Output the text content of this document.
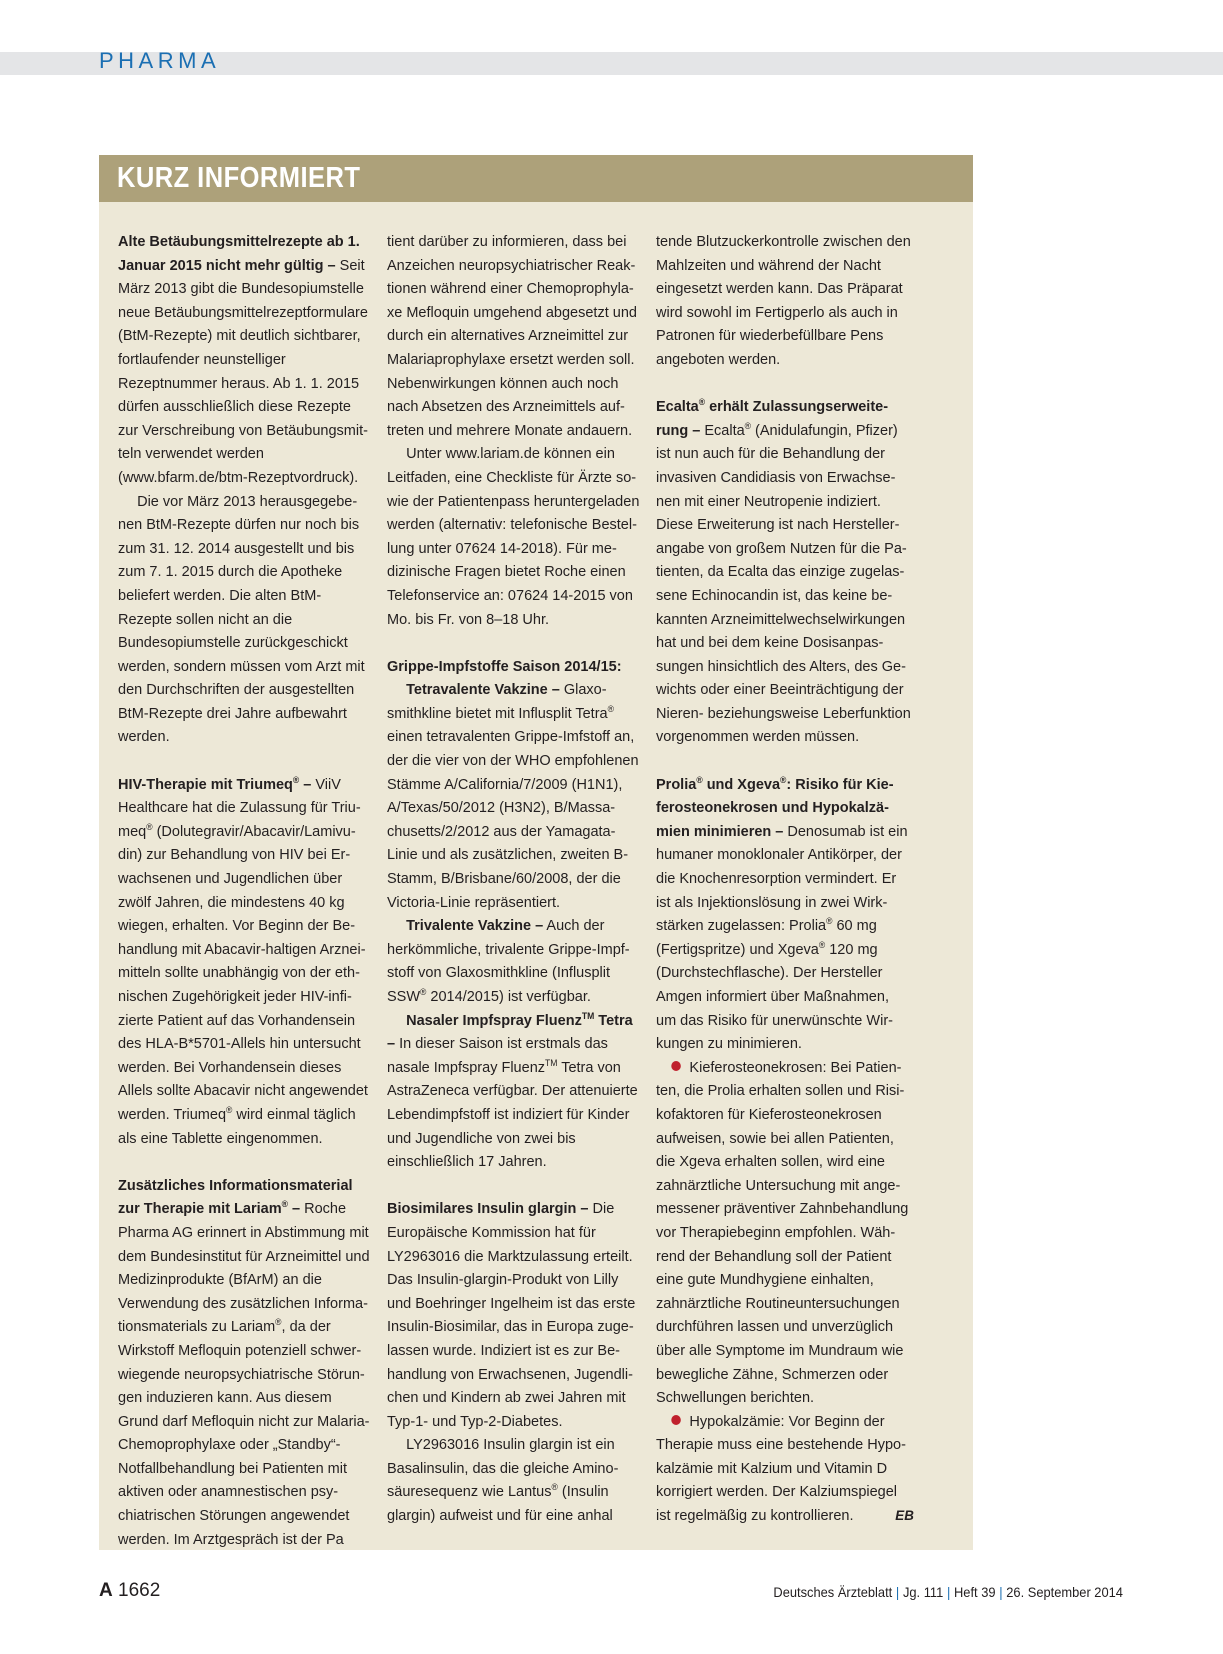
PHARMA
KURZ INFORMIERT

Alte Betäubungsmittelrezepte ab 1. Januar 2015 nicht mehr gültig – Seit März 2013 gibt die Bundesopiumstelle neue Betäubungsmittelrezeptformulare (BtM-Rezepte) mit deutlich sichtbarer, fortlaufender neunstelliger Rezeptnummer heraus. Ab 1. 1. 2015 dürfen ausschließlich diese Rezepte zur Verschreibung von Betäubungsmitteln verwendet werden (www.bfarm.de/btm-Rezeptvordruck).

Die vor März 2013 herausgegebenen BtM-Rezepte dürfen nur noch bis zum 31. 12. 2014 ausgestellt und bis zum 7. 1. 2015 durch die Apotheke beliefert werden. Die alten BtM-Rezepte sollen nicht an die Bundesopiumstelle zurückgeschickt werden, sondern müssen vom Arzt mit den Durchschriften der ausgestellten BtM-Rezepte drei Jahre aufbewahrt werden.

HIV-Therapie mit Triumeq® – ViiV Healthcare hat die Zulassung für Triumeq® (Dolutegravir/Abacavir/Lamivudin) zur Behandlung von HIV bei Erwachsenen und Jugendlichen über zwölf Jahren, die mindestens 40 kg wiegen, erhalten. Vor Beginn der Behandlung mit Abacavir-haltigen Arzneimitteln sollte unabhängig von der ethnischen Zugehörigkeit jeder HIV-infizierte Patient auf das Vorhandensein des HLA-B*5701-Allels hin untersucht werden. Bei Vorhandensein dieses Allels sollte Abacavir nicht angewendet werden. Triumeq® wird einmal täglich als eine Tablette eingenommen.

Zusätzliches Informationsmaterial zur Therapie mit Lariam® – Roche Pharma AG erinnert in Abstimmung mit dem Bundesinstitut für Arzneimittel und Medizinprodukte (BfArM) an die Verwendung des zusätzlichen Informationsmaterials zu Lariam®, da der Wirkstoff Mefloquin potenziell schwerwiegende neuropsychiatrische Störungen induzieren kann. Aus diesem Grund darf Mefloquin nicht zur Malaria-Chemoprophylaxe oder „Standby“-Notfallbehandlung bei Patienten mit aktiven oder anamnestischen psychiatrischen Störungen angewendet werden. Im Arztgespräch ist der Pa

tient darüber zu informieren, dass bei Anzeichen neuropsychiatrischer Reaktionen während einer Chemoprophylaxe Mefloquin umgehend abgesetzt und durch ein alternatives Arzneimittel zur Malariaprophylaxe ersetzt werden soll. Nebenwirkungen können auch noch nach Absetzen des Arzneimittels auftreten und mehrere Monate andauern.

Unter www.lariam.de können ein Leitfaden, eine Checkliste für Ärzte sowie der Patientenpass heruntergeladen werden (alternativ: telefonische Bestellung unter 07624 14-2018). Für medizinische Fragen bietet Roche einen Telefonservice an: 07624 14-2015 von Mo. bis Fr. von 8–18 Uhr.

Grippe-Impfstoffe Saison 2014/15:

Tetravalente Vakzine – Glaxosmithkline bietet mit Influsplit Tetra® einen tetravalenten Grippe-Imfstoff an, der die vier von der WHO empfohlenen Stämme A/California/7/2009 (H1N1), A/Texas/50/2012 (H3N2), B/Massachusetts/2/2012 aus der Yamagata-Linie und als zusätzlichen, zweiten B-Stamm, B/Brisbane/60/2008, der die Victoria-Linie repräsentiert.

Trivalente Vakzine – Auch der herkömmliche, trivalente Grippe-Impfstoff von Glaxosmithkline (Influsplit SSW® 2014/2015) ist verfügbar.

Nasaler Impfspray Fluenz™ Tetra – In dieser Saison ist erstmals das nasale Impfspray Fluenz™ Tetra von AstraZeneca verfügbar. Der attenuierte Lebendimpfstoff ist indiziert für Kinder und Jugendliche von zwei bis einschließlich 17 Jahren.

Biosimilares Insulin glargin – Die Europäische Kommission hat für LY2963016 die Marktzulassung erteilt. Das Insulin-glargin-Produkt von Lilly und Boehringer Ingelheim ist das erste Insulin-Biosimilar, das in Europa zugelassen wurde. Indiziert ist es zur Behandlung von Erwachsenen, Jugendlichen und Kindern ab zwei Jahren mit Typ-1- und Typ-2-Diabetes.

LY2963016 Insulin glargin ist ein Basalinsulin, das die gleiche Aminosäuresequenz wie Lantus® (Insulin glargin) aufweist und für eine anhal

tende Blutzuckerkontrolle zwischen den Mahlzeiten und während der Nacht eingesetzt werden kann. Das Präparat wird sowohl im Fertigperlo als auch in Patronen für wiederbefüllbare Pens angeboten werden.

Ecalta® erhält Zulassungserweiterung – Ecalta® (Anidulafungin, Pfizer) ist nun auch für die Behandlung der invasiven Candidiasis von Erwachsenen mit einer Neutropenie indiziert. Diese Erweiterung ist nach Herstellerangabe von großem Nutzen für die Patienten, da Ecalta das einzige zugelassene Echinocandin ist, das keine bekannten Arzneimittelwechselwirkungen hat und bei dem keine Dosisanpassungen hinsichtlich des Alters, des Gewichts oder einer Beeinträchtigung der Nieren- beziehungsweise Leberfunktion vorgenommen werden müssen.

Prolia® und Xgeva®: Risiko für Kieferosteonekrosen und Hypokalzämien minimieren – Denosumab ist ein humaner monoklonaler Antikörper, der die Knochenresorption vermindert. Er ist als Injektionslösung in zwei Wirkstärken zugelassen: Prolia® 60 mg (Fertigspritze) und Xgeva® 120 mg (Durchstechflasche). Der Hersteller Amgen informiert über Maßnahmen, um das Risiko für unerwünschte Wirkungen zu minimieren.

Kieferosteonekrosen: Bei Patienten, die Prolia erhalten sollen und Risikofaktoren für Kieferosteonekrosen aufweisen, sowie bei allen Patienten, die Xgeva erhalten sollen, wird eine zahnärztliche Untersuchung mit angemessener präventiver Zahnbehandlung vor Therapiebeginn empfohlen. Während der Behandlung soll der Patient eine gute Mundhygiene einhalten, zahnärztliche Routineuntersuchungen durchführen lassen und unverzüglich über alle Symptome im Mundraum wie bewegliche Zähne, Schmerzen oder Schwellungen berichten.

Hypokalzämie: Vor Beginn der Therapie muss eine bestehende Hypokalzämie mit Kalzium und Vitamin D korrigiert werden. Der Kalziumspiegel ist regelmäßig zu kontrollieren.	EB

A 1662	Deutsches Ärzteblatt | Jg. 111 | Heft 39 | 26. September 2014
